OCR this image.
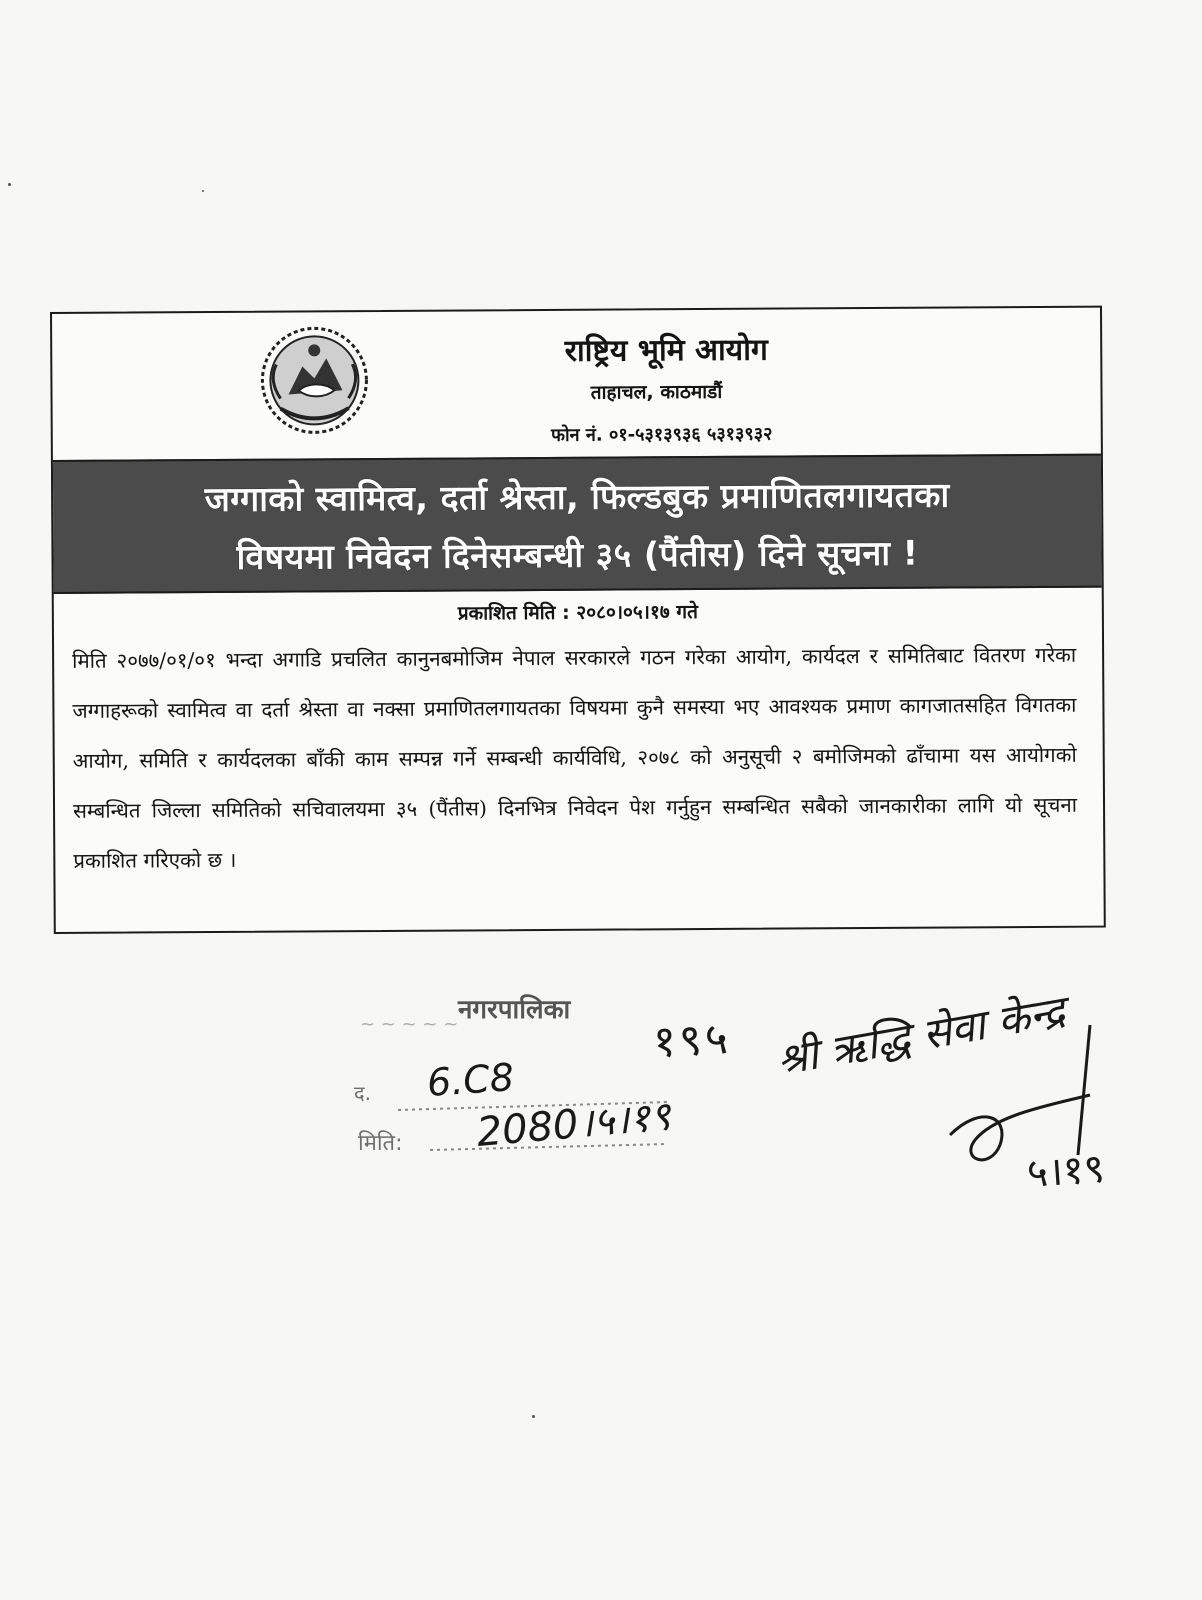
राष्ट्रिय भूमि आयोग
ताहाचल, काठमाडौं
फोन नं. ०१-५३१३९३६ ५३१३९३२
जग्गाको स्वामित्व, दर्ता श्रेस्ता, फिल्डबुक प्रमाणितलगायतका
विषयमा निवेदन दिनेसम्बन्धी ३५ (पैंतीस) दिने सूचना !
प्रकाशित मिति : २०८०।०५।१७ गते
मिति २०७७/०१/०१ भन्दा अगाडि प्रचलित कानुनबमोजिम नेपाल सरकारले गठन गरेका आयोग, कार्यदल र समितिबाट वितरण गरेका जग्गाहरूको स्वामित्व वा दर्ता श्रेस्ता वा नक्सा प्रमाणितलगायतका विषयमा कुनै समस्या भए आवश्यक प्रमाण कागजातसहित विगतका आयोग, समिति र कार्यदलका बाँकी काम सम्पन्न गर्ने सम्बन्धी कार्यविधि, २०७८ को अनुसूची २ बमोजिमको ढाँचामा यस आयोगको सम्बन्धित जिल्ला समितिको सचिवालयमा ३५ (पैंतीस) दिनभित्र निवेदन पेश गर्नुहुन सम्बन्धित सबैको जानकारीका लागि यो सूचना प्रकाशित गरिएको छ ।
~ ~ ~ ~ ~ नगरपालिका
द.
मिति:
6.C8
2080।५।१९
१९५ श्री ऋद्धि सेवा केन्द्र
५।१९
